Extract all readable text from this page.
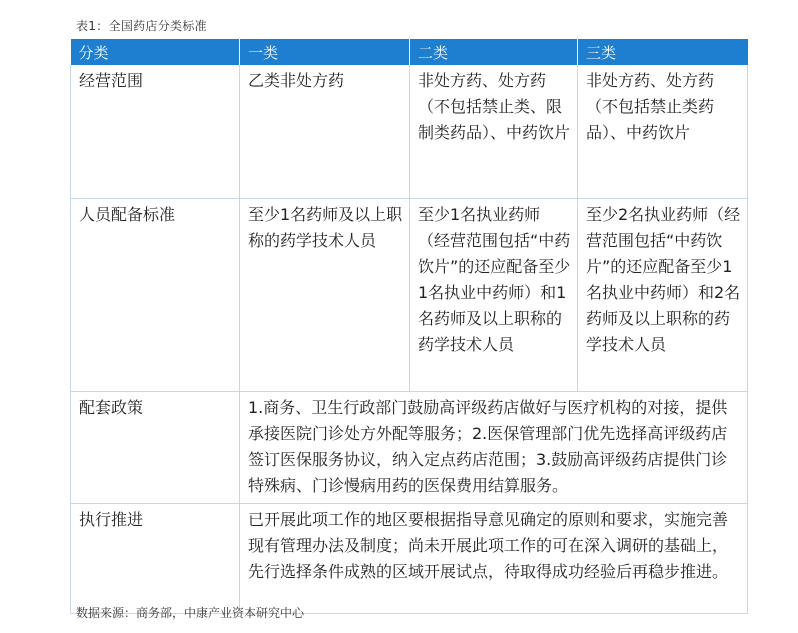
表1：全国药店分类标准
分类	一类	二类	三类
经营范围	乙类非处方药	非处方药、处方药（不包括禁止类、限制类药品）、中药饮片	非处方药、处方药（不包括禁止类药品）、中药饮片
人员配备标准	至少1名药师及以上职称的药学技术人员	至少1名执业药师（经营范围包括“中药饮片”的还应配备至少1名执业中药师）和1名药师及以上职称的药学技术人员	至少2名执业药师（经营范围包括“中药饮片”的还应配备至少1名执业中药师）和2名药师及以上职称的药学技术人员
配套政策	1.商务、卫生行政部门鼓励高评级药店做好与医疗机构的对接，提供承接医院门诊处方外配等服务；2.医保管理部门优先选择高评级药店签订医保服务协议，纳入定点药店范围；3.鼓励高评级药店提供门诊特殊病、门诊慢病用药的医保费用结算服务。		
执行推进	已开展此项工作的地区要根据指导意见确定的原则和要求，实施完善现有管理办法及制度；尚未开展此项工作的可在深入调研的基础上，先行选择条件成熟的区域开展试点，待取得成功经验后再稳步推进。		
数据来源：商务部，中康产业资本研究中心
